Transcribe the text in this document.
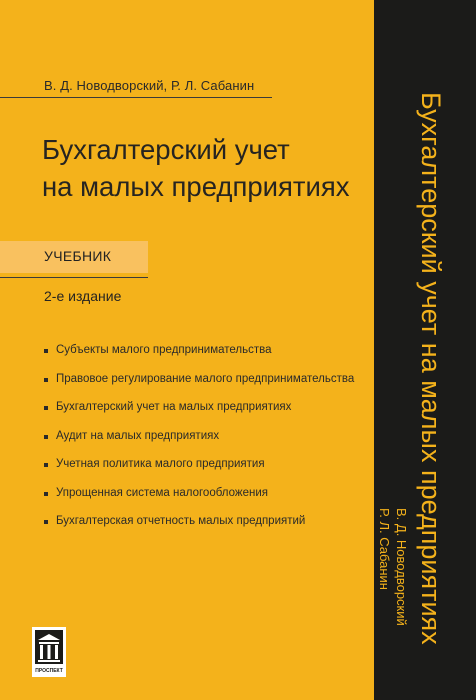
В. Д. Новодворский, Р. Л. Сабанин
Бухгалтерский учет
на малых предприятиях
УЧЕБНИК
2-е издание
Субъекты малого предпринимательства
Правовое регулирование малого предпринимательства
Бухгалтерский учет на малых предприятиях
Аудит на малых предприятиях
Учетная политика малого предприятия
Упрощенная система налогообложения
Бухгалтерская отчетность малых предприятий	Бухгалтерский учет на малых предприятиях
В. Д. Новодворский
Р. Л. Сабанин
ПРОСПЕКТ
